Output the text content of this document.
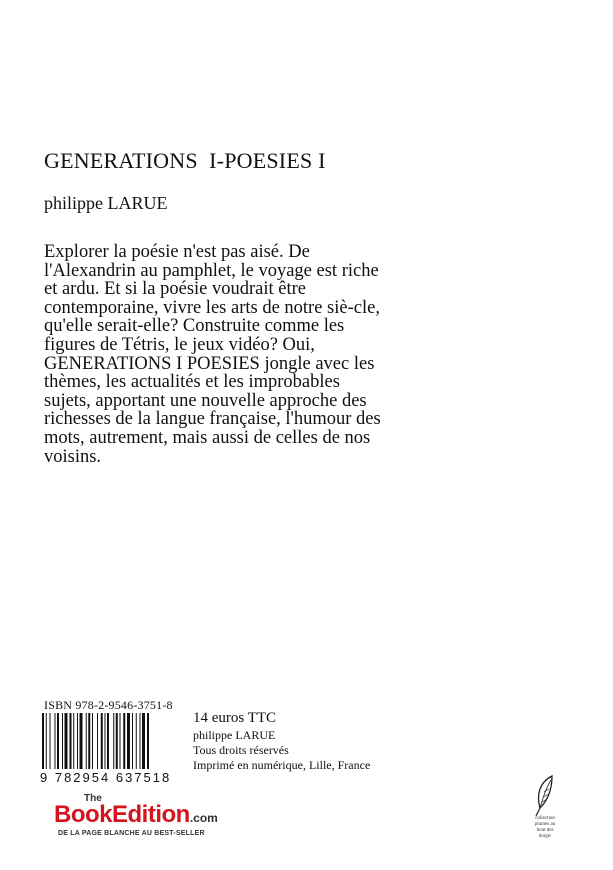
GENERATIONS  I-POESIES I
philippe LARUE
Explorer la poésie n'est pas aisé. De
l'Alexandrin au pamphlet, le voyage est riche
et ardu. Et si la poésie voudrait être
contemporaine, vivre les arts de notre siè-cle,
qu'elle serait-elle? Construite comme les
figures de Tétris, le jeux vidéo? Oui,
GENERATIONS I POESIES jongle avec les
thèmes, les actualités et les improbables
sujets, apportant une nouvelle approche des
richesses de la langue française, l'humour des
mots, autrement, mais aussi de celles de nos
voisins.
ISBN 978-2-9546-3751-8
9 782954 637518
14 euros TTC
philippe LARUE
Tous droits réservés
Imprimé en numérique, Lille, France
The
BookEdition.com
DE LA PAGE BLANCHE AU BEST-SELLER
collection
plumes au
bout des
doigts
